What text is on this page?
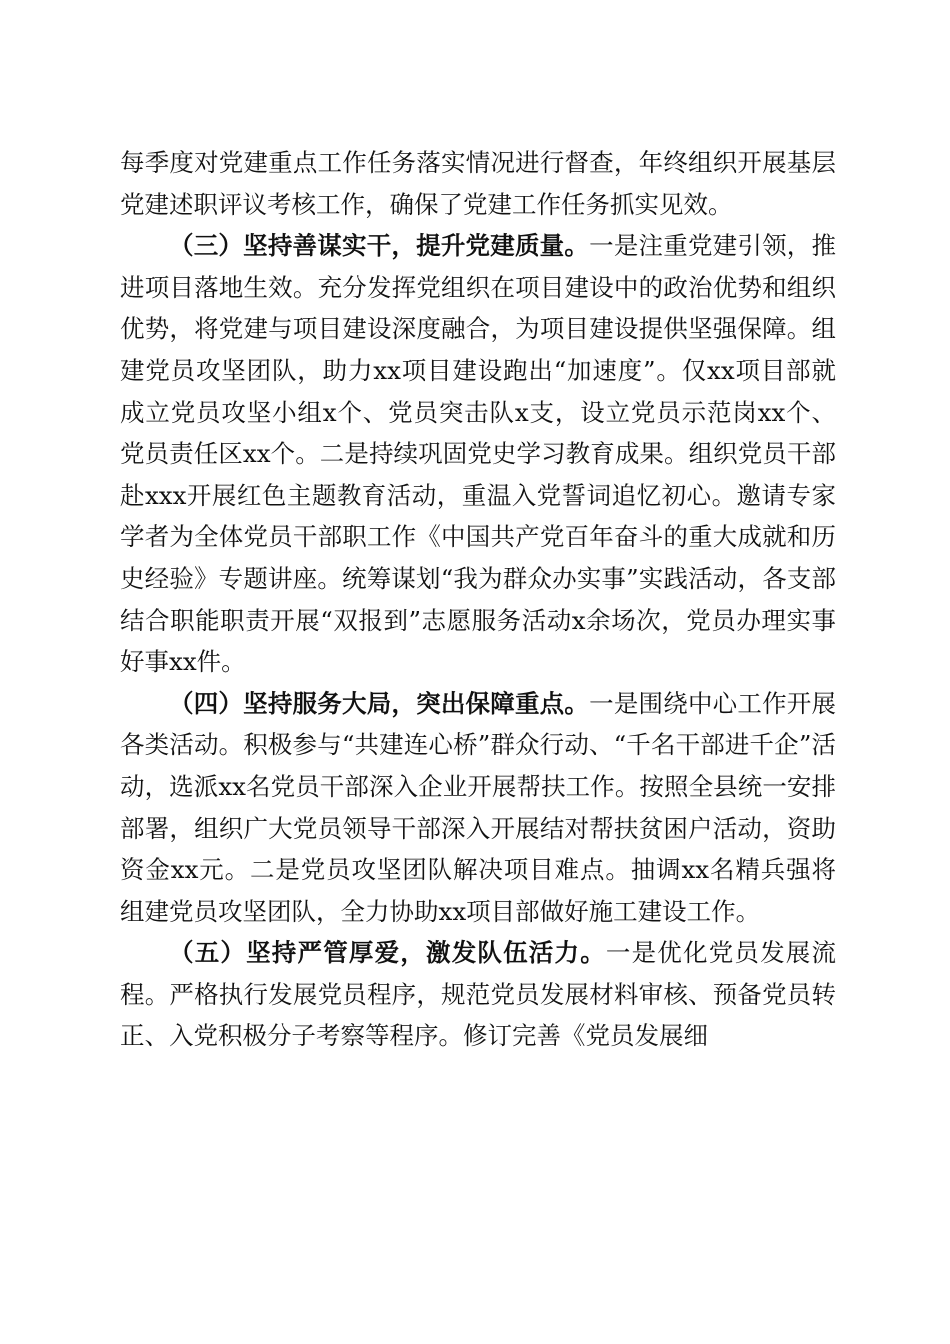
每季度对党建重点工作任务落实情况进行督查，年终组织开展基层党建述职评议考核工作，确保了党建工作任务抓实见效。

（三）坚持善谋实干，提升党建质量。一是注重党建引领，推进项目落地生效。充分发挥党组织在项目建设中的政治优势和组织优势，将党建与项目建设深度融合，为项目建设提供坚强保障。组建党员攻坚团队，助力xx项目建设跑出“加速度”。仅xx项目部就成立党员攻坚小组x个、党员突击队x支，设立党员示范岗xx个、党员责任区xx个。二是持续巩固党史学习教育成果。组织党员干部赴xxx开展红色主题教育活动，重温入党誓词追忆初心。邀请专家学者为全体党员干部职工作《中国共产党百年奋斗的重大成就和历史经验》专题讲座。统筹谋划“我为群众办实事”实践活动，各支部结合职能职责开展“双报到”志愿服务活动x余场次，党员办理实事好事xx件。

（四）坚持服务大局，突出保障重点。一是围绕中心工作开展各类活动。积极参与“共建连心桥”群众行动、“千名干部进千企”活动，选派xx名党员干部深入企业开展帮扶工作。按照全县统一安排部署，组织广大党员领导干部深入开展结对帮扶贫困户活动，资助资金xx元。二是党员攻坚团队解决项目难点。抽调xx名精兵强将组建党员攻坚团队，全力协助xx项目部做好施工建设工作。

（五）坚持严管厚爱，激发队伍活力。一是优化党员发展流程。严格执行发展党员程序，规范党员发展材料审核、预备党员转正、入党积极分子考察等程序。修订完善《党员发展细
